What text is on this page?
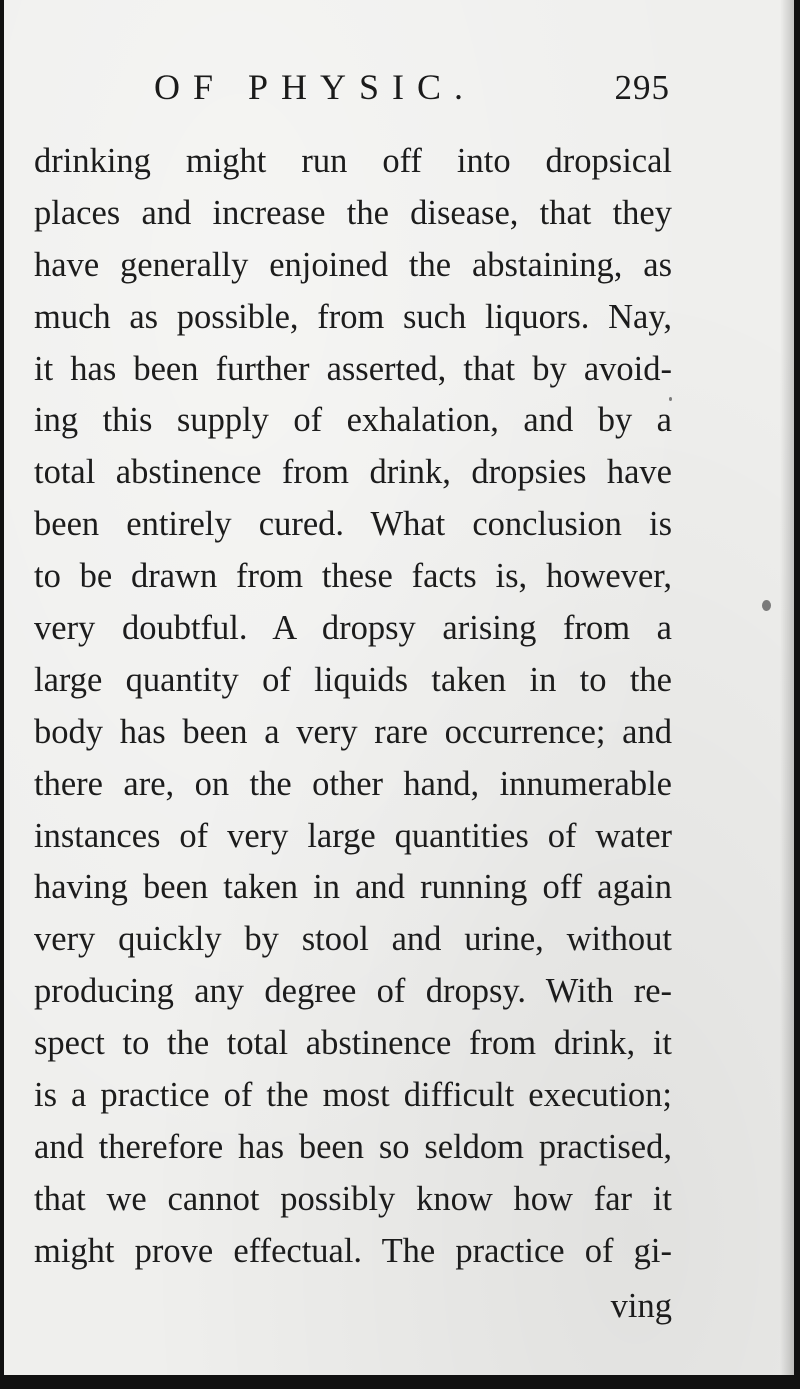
OF PHYSIC.	295
drinking might run off into dropsical
places and increase the disease, that they
have generally enjoined the abstaining, as
much as possible, from such liquors. Nay,
it has been further asserted, that by avoid-
ing this supply of exhalation, and by a
total abstinence from drink, dropsies have
been entirely cured. What conclusion is
to be drawn from these facts is, however,
very doubtful. A dropsy arising from a
large quantity of liquids taken in to the
body has been a very rare occurrence; and
there are, on the other hand, innumerable
instances of very large quantities of water
having been taken in and running off again
very quickly by stool and urine, without
producing any degree of dropsy. With re-
spect to the total abstinence from drink, it
is a practice of the most difficult execution;
and therefore has been so seldom practised,
that we cannot possibly know how far it
might prove effectual. The practice of gi-
ving
